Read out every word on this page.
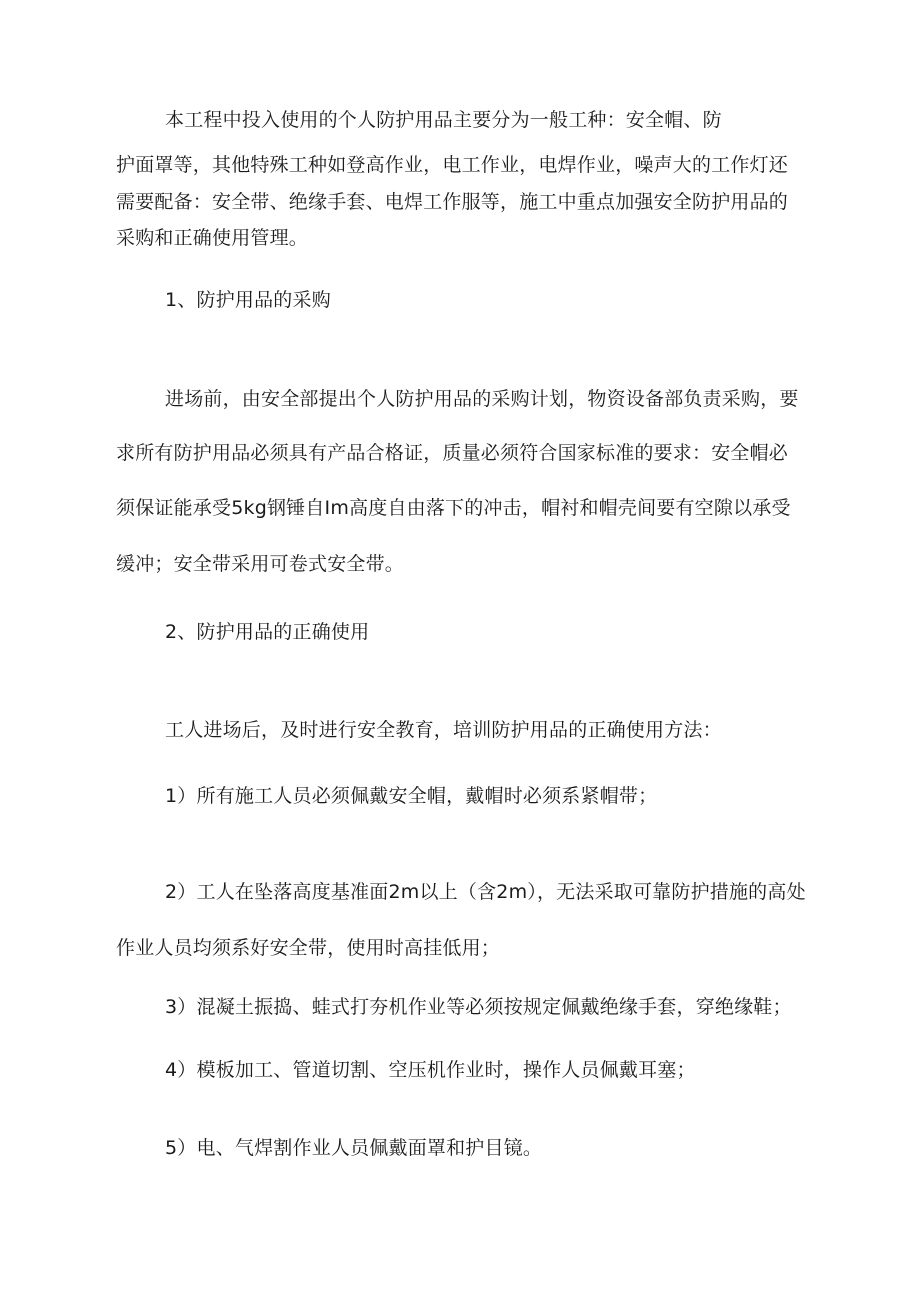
本工程中投入使用的个人防护用品主要分为一般工种：安全帽、防

护面罩等，其他特殊工种如登高作业，电工作业，电焊作业，噪声大的工作灯还

需要配备：安全带、绝缘手套、电焊工作服等，施工中重点加强安全防护用品的

采购和正确使用管理。

1、防护用品的采购

进场前，由安全部提出个人防护用品的采购计划，物资设备部负责采购，要

求所有防护用品必须具有产品合格证，质量必须符合国家标准的要求：安全帽必

须保证能承受5kg钢锤自Im高度自由落下的冲击，帽衬和帽壳间要有空隙以承受

缓冲；安全带采用可卷式安全带。

2、防护用品的正确使用

工人进场后，及时进行安全教育，培训防护用品的正确使用方法：

1）所有施工人员必须佩戴安全帽，戴帽时必须系紧帽带；

2）工人在坠落高度基准面2m以上（含2m），无法采取可靠防护措施的高处

作业人员均须系好安全带，使用时高挂低用；

3）混凝土振捣、蛙式打夯机作业等必须按规定佩戴绝缘手套，穿绝缘鞋；

4）模板加工、管道切割、空压机作业时，操作人员佩戴耳塞；

5）电、气焊割作业人员佩戴面罩和护目镜。
